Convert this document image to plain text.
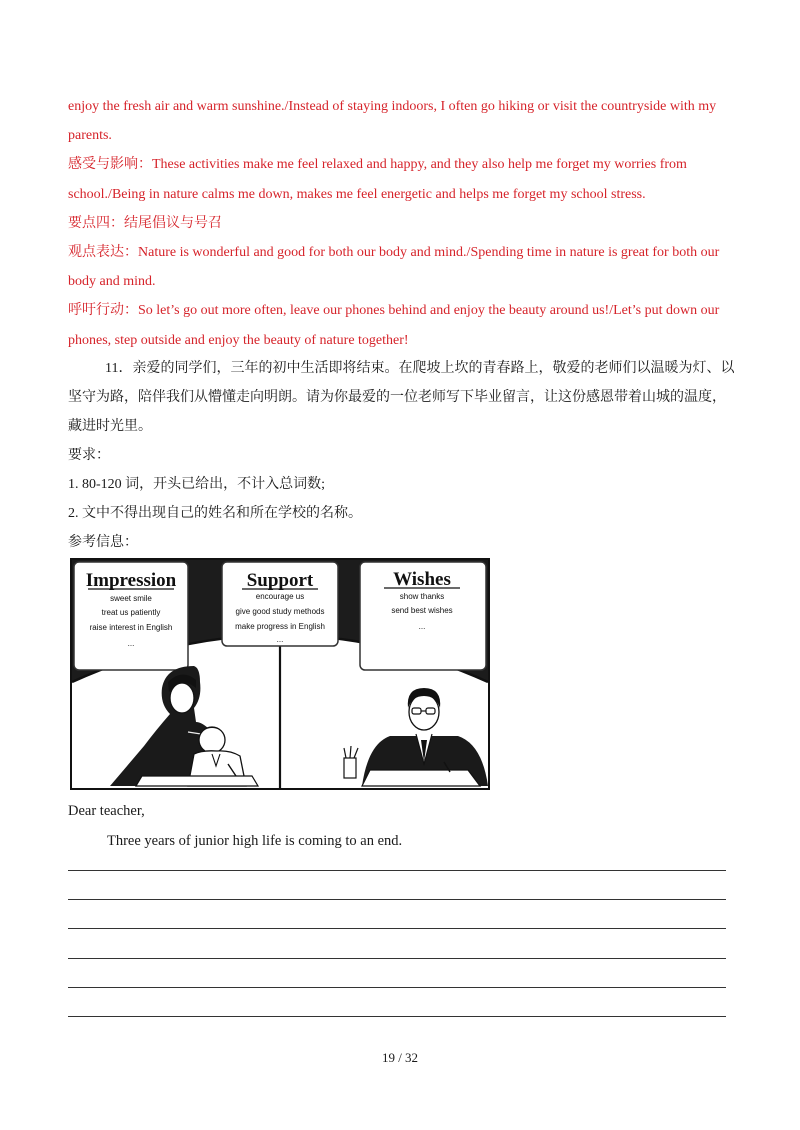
enjoy the fresh air and warm sunshine./Instead of staying indoors, I often go hiking or visit the countryside with my parents.

感受与影响：These activities make me feel relaxed and happy, and they also help me forget my worries from school./Being in nature calms me down, makes me feel energetic and helps me forget my school stress.

要点四：结尾倡议与号召

观点表达：Nature is wonderful and good for both our body and mind./Spending time in nature is great for both our body and mind.

呼吁行动：So let’s go out more often, leave our phones behind and enjoy the beauty around us!/Let’s put down our phones, step outside and enjoy the beauty of nature together!

11．亲爱的同学们，三年的初中生活即将结束。在爬坡上坎的青春路上，敬爱的老师们以温暖为灯、以坚守为路，陪伴我们从懵懂走向明朗。请为你最爱的一位老师写下毕业留言，让这份感恩带着山城的温度，藏进时光里。

要求：

1. 80-120 词，开头已给出，不计入总词数;

2. 文中不得出现自己的姓名和所在学校的名称。

参考信息：

Impression
sweet smile
treat us patiently
raise interest in English
...
Support
encourage us
give good study methods
make progress in English
...
Wishes
show thanks
send best wishes
...
Dear teacher,
Three years of junior high life is coming to an end.
19 / 32
